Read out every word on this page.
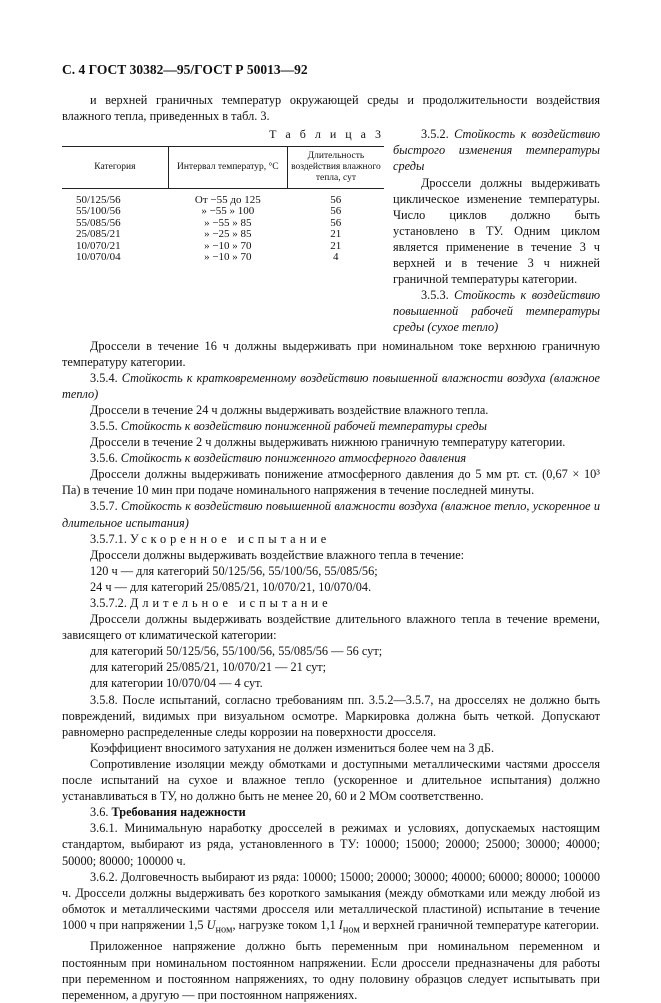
С. 4 ГОСТ 30382—95/ГОСТ Р 50013—92

и верхней граничных температур окружающей среды и продолжительности воздействия влажного тепла, приведенных в табл. 3.

Т а б л и ц а 3
Категория	Интервал температур, °С	Длительность воздействия влажного тепла, сут

50/125/56	От −55 до 125	56
55/100/56	» −55 » 100	56
55/085/56	» −55 » 85	56
25/085/21	» −25 » 85	21
10/070/21	» −10 » 70	21
10/070/04	» −10 » 70	4

3.5.2. Стойкость к воздействию быстрого изменения температуры среды

Дроссели должны выдерживать циклическое изменение температуры. Число циклов должно быть установлено в ТУ. Одним циклом является применение в течение 3 ч верхней и в течение 3 ч нижней граничной температуры категории.

3.5.3. Стойкость к воздействию повышенной рабочей температуры среды (сухое тепло)

Дроссели в течение 16 ч должны выдерживать при номинальном токе верхнюю граничную температуру категории.

3.5.4. Стойкость к кратковременному воздействию повышенной влажности воздуха (влажное тепло)

Дроссели в течение 24 ч должны выдерживать воздействие влажного тепла.

3.5.5. Стойкость к воздействию пониженной рабочей температуры среды

Дроссели в течение 2 ч должны выдерживать нижнюю граничную температуру категории.

3.5.6. Стойкость к воздействию пониженного атмосферного давления

Дроссели должны выдерживать понижение атмосферного давления до 5 мм рт. ст. (0,67 × 10³ Па) в течение 10 мин при подаче номинального напряжения в течение последней минуты.

3.5.7. Стойкость к воздействию повышенной влажности воздуха (влажное тепло, ускоренное и длительное испытания)

3.5.7.1. Ускоренное испытание

Дроссели должны выдерживать воздействие влажного тепла в течение:

120 ч — для категорий 50/125/56, 55/100/56, 55/085/56;

24 ч — для категорий 25/085/21, 10/070/21, 10/070/04.

3.5.7.2. Длительное испытание

Дроссели должны выдерживать воздействие длительного влажного тепла в течение времени, зависящего от климатической категории:

для категорий 50/125/56, 55/100/56, 55/085/56 — 56 сут;

для категорий 25/085/21, 10/070/21 — 21 сут;

для категории 10/070/04 — 4 сут.

3.5.8. После испытаний, согласно требованиям пп. 3.5.2—3.5.7, на дросселях не должно быть повреждений, видимых при визуальном осмотре. Маркировка должна быть четкой. Допускают равномерно распределенные следы коррозии на поверхности дросселя.

Коэффициент вносимого затухания не должен измениться более чем на 3 дБ.

Сопротивление изоляции между обмотками и доступными металлическими частями дросселя после испытаний на сухое и влажное тепло (ускоренное и длительное испытания) должно устанавливаться в ТУ, но должно быть не менее 20, 60 и 2 МОм соответственно.

3.6. Требования надежности

3.6.1. Минимальную наработку дросселей в режимах и условиях, допускаемых настоящим стандартом, выбирают из ряда, установленного в ТУ: 10000; 15000; 20000; 25000; 30000; 40000; 50000; 80000; 100000 ч.

3.6.2. Долговечность выбирают из ряда: 10000; 15000; 20000; 30000; 40000; 60000; 80000; 100000 ч. Дроссели должны выдерживать без короткого замыкания (между обмотками или между любой из обмоток и металлическими частями дросселя или металлической пластиной) испытание в течение 1000 ч при напряжении 1,5 $U_{ном}$, нагрузке током 1,1 $I_{ном}$ и верхней граничной температуре категории.

Приложенное напряжение должно быть переменным при номинальном переменном и постоянным при номинальном постоянном напряжении. Если дроссели предназначены для работы при переменном и постоянном напряжениях, то одну половину образцов следует испытывать при переменном, а другую — при постоянном напряжениях.
